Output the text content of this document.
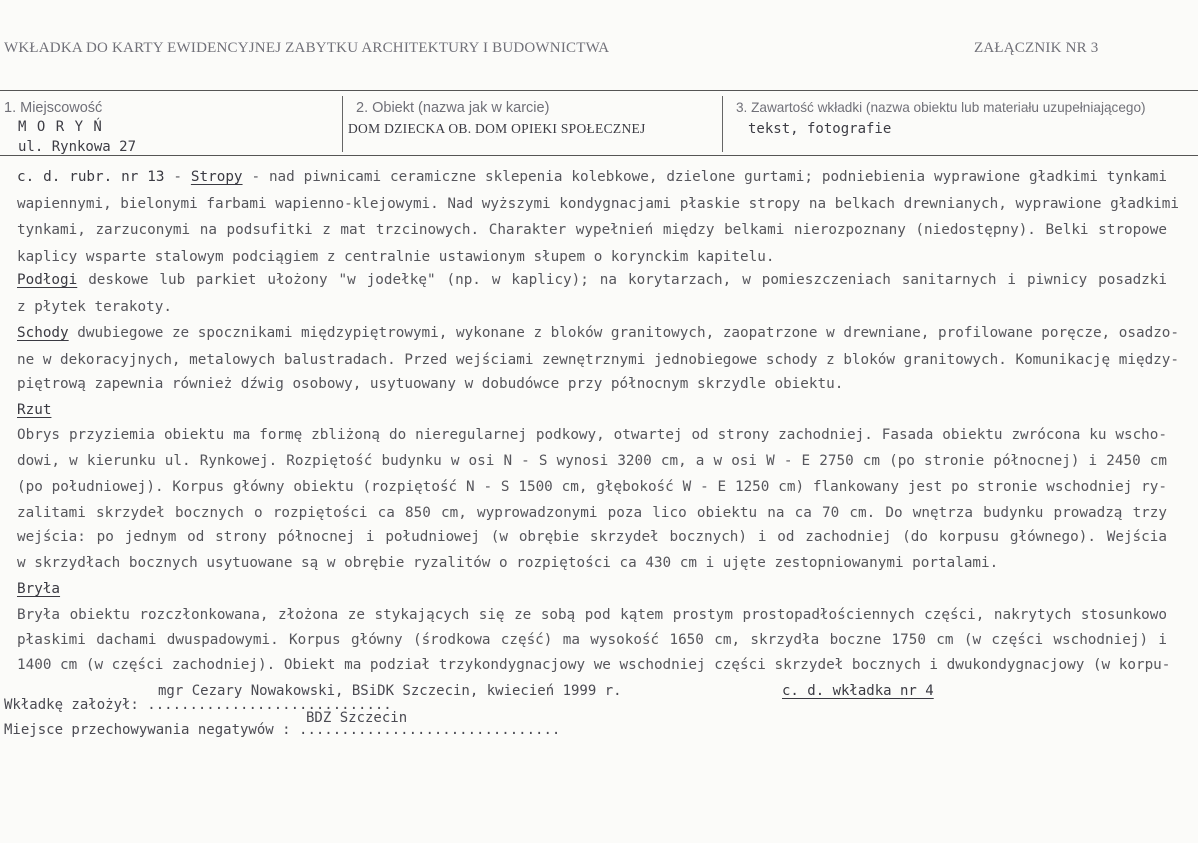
WKŁADKA DO KARTY EWIDENCYJNEJ ZABYTKU ARCHITEKTURY I BUDOWNICTWA	ZAŁĄCZNIK NR 3
1. Miejscowość
M O R Y Ń
ul. Rynkowa 27
2. Obiekt (nazwa jak w karcie)
DOM DZIECKA OB. DOM OPIEKI SPOŁECZNEJ
3. Zawartość wkładki (nazwa obiektu lub materiału uzupełniającego)
tekst, fotografie
c. d. rubr. nr 13 - Stropy - nad piwnicami ceramiczne sklepenia kolebkowe, dzielone gurtami; podniebienia wyprawione gładkimi tynkami
wapiennymi, bielonymi farbami wapienno-klejowymi. Nad wyższymi kondygnacjami płaskie stropy na belkach drewnianych, wyprawione gładkimi
tynkami, zarzuconymi na podsufitki z mat trzcinowych. Charakter wypełnień między belkami nierozpoznany (niedostępny). Belki stropowe
kaplicy wsparte stalowym podciągiem z centralnie ustawionym słupem o korynckim kapitelu.
Podłogi deskowe lub parkiet ułożony "w jodełkę" (np. w kaplicy); na korytarzach, w pomieszczeniach sanitarnych i piwnicy posadzki
z płytek terakoty.
Schody dwubiegowe ze spocznikami międzypiętrowymi, wykonane z bloków granitowych, zaopatrzone w drewniane, profilowane poręcze, osadzo-
ne w dekoracyjnych, metalowych balustradach. Przed wejściami zewnętrznymi jednobiegowe schody z bloków granitowych. Komunikację między-
piętrową zapewnia również dźwig osobowy, usytuowany w dobudówce przy północnym skrzydle obiektu.
Rzut
Obrys przyziemia obiektu ma formę zbliżoną do nieregularnej podkowy, otwartej od strony zachodniej. Fasada obiektu zwrócona ku wscho-
dowi, w kierunku ul. Rynkowej. Rozpiętość budynku w osi N - S wynosi 3200 cm, a w osi W - E 2750 cm (po stronie północnej) i 2450 cm
(po południowej). Korpus główny obiektu (rozpiętość N - S 1500 cm, głębokość W - E 1250 cm) flankowany jest po stronie wschodniej ry-
zalitami skrzydeł bocznych o rozpiętości ca 850 cm, wyprowadzonymi poza lico obiektu na ca 70 cm. Do wnętrza budynku prowadzą trzy
wejścia: po jednym od strony północnej i południowej (w obrębie skrzydeł bocznych) i od zachodniej (do korpusu głównego). Wejścia
w skrzydłach bocznych usytuowane są w obrębie ryzalitów o rozpiętości ca 430 cm i ujęte zestopniowanymi portalami.
Bryła
Bryła obiektu rozczłonkowana, złożona ze stykających się ze sobą pod kątem prostym prostopadłościennych części, nakrytych stosunkowo
płaskimi dachami dwuspadowymi. Korpus główny (środkowa część) ma wysokość 1650 cm, skrzydła boczne 1750 cm (w części wschodniej) i
1400 cm (w części zachodniej). Obiekt ma podział trzykondygnacjowy we wschodniej części skrzydeł bocznych i dwukondygnacjowy (w korpu-
mgr Cezary Nowakowski, BSiDK Szczecin, kwiecień 1999 r.
Wkładkę założył: .............................
c. d. wkładka nr 4
BDZ Szczecin
Miejsce przechowywania negatywów : ...............................
